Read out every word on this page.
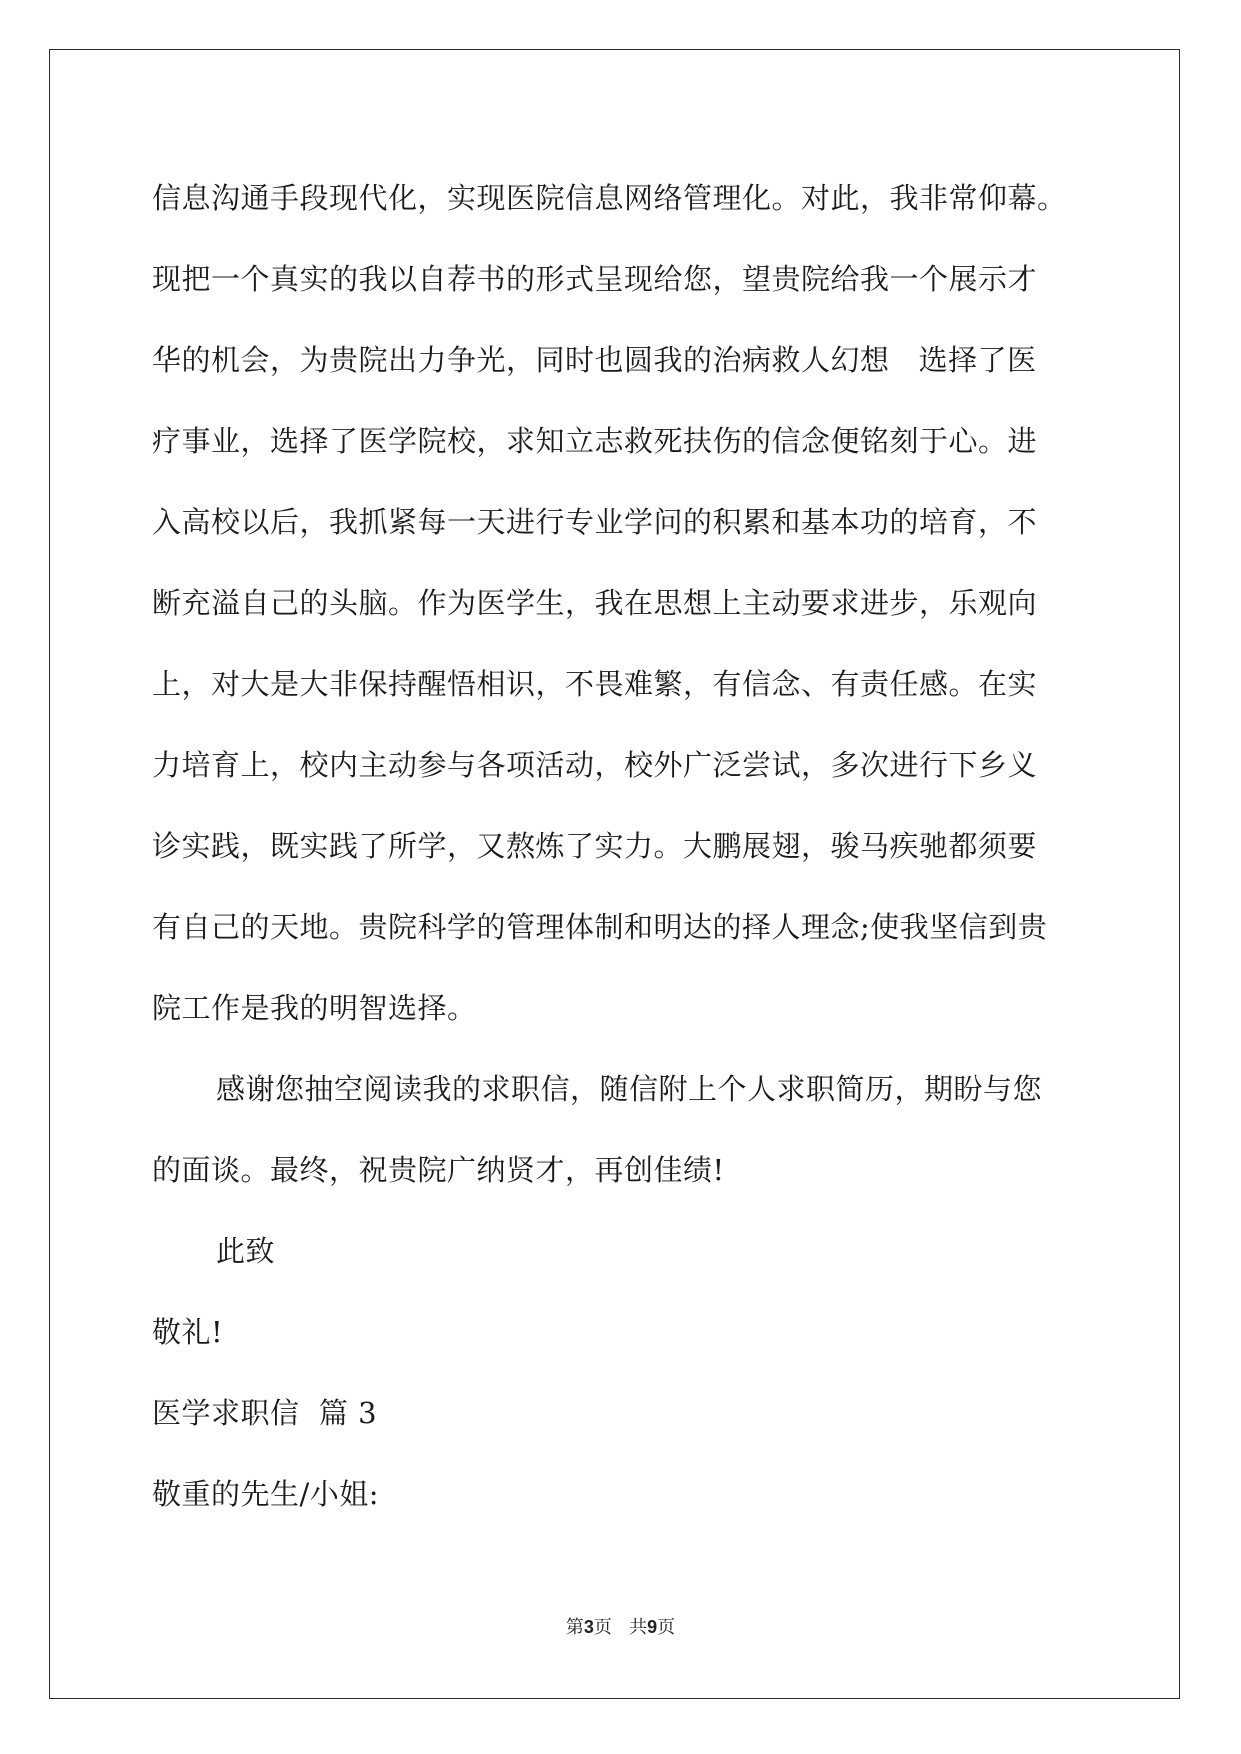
信息沟通手段现代化，实现医院信息网络管理化。对此，我非常仰幕。
现把一个真实的我以自荐书的形式呈现给您，望贵院给我一个展示才
华的机会，为贵院出力争光，同时也圆我的治病救人幻想   选择了医
疗事业，选择了医学院校，求知立志救死扶伤的信念便铭刻于心。进
入高校以后，我抓紧每一天进行专业学问的积累和基本功的培育，不
断充溢自己的头脑。作为医学生，我在思想上主动要求进步，乐观向
上，对大是大非保持醒悟相识，不畏难繁，有信念、有责任感。在实
力培育上，校内主动参与各项活动，校外广泛尝试，多次进行下乡义
诊实践，既实践了所学，又熬炼了实力。大鹏展翅，骏马疾驰都须要
有自己的天地。贵院科学的管理体制和明达的择人理念;使我坚信到贵
院工作是我的明智选择。
感谢您抽空阅读我的求职信，随信附上个人求职简历，期盼与您
的面谈。最终，祝贵院广纳贤才，再创佳绩!
此致
敬礼!
医学求职信  篇 3
敬重的先生/小姐:
第3页   共9页
